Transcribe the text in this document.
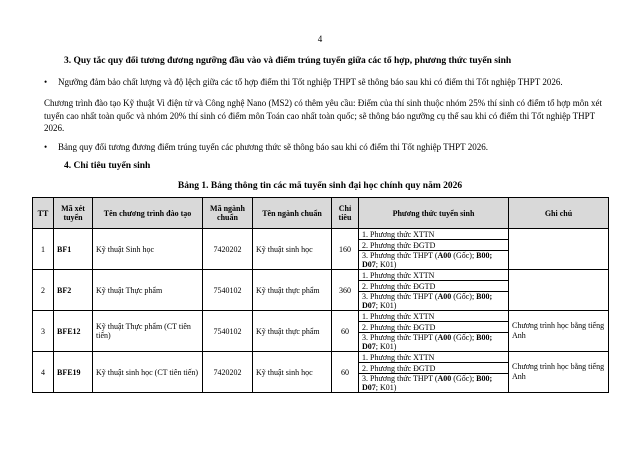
4
3. Quy tắc quy đổi tương đương ngưỡng đầu vào và điểm trúng tuyển giữa các tổ hợp, phương thức tuyển sinh
• Ngưỡng đảm bảo chất lượng và độ lệch giữa các tổ hợp điểm thi Tốt nghiệp THPT sẽ thông báo sau khi có điểm thi Tốt nghiệp THPT 2026.
Chương trình đào tạo Kỹ thuật Vi điện tử và Công nghệ Nano (MS2) có thêm yêu cầu: Điểm của thí sinh thuộc nhóm 25% thí sinh có điểm tổ hợp môn xét tuyển cao nhất toàn quốc và nhóm 20% thí sinh có điểm môn Toán cao nhất toàn quốc; sẽ thông báo ngưỡng cụ thể sau khi có điểm thi Tốt nghiệp THPT 2026.
• Bảng quy đổi tương đương điểm trúng tuyển các phương thức sẽ thông báo sau khi có điểm thi Tốt nghiệp THPT 2026.
4. Chỉ tiêu tuyển sinh
Bảng 1. Bảng thông tin các mã tuyển sinh đại học chính quy năm 2026
TT	Mã xét tuyển	Tên chương trình đào tạo	Mã ngành chuẩn	Tên ngành chuẩn	Chỉ tiêu	Phương thức tuyển sinh	Ghi chú
1	BF1	Kỹ thuật Sinh học	7420202	Kỹ thuật sinh học	160	1. Phương thức XTTN	
						2. Phương thức ĐGTD	
						3. Phương thức THPT (A00 (Gốc); B00;
D07; K01)	
2	BF2	Kỹ thuật Thực phẩm	7540102	Kỹ thuật thực phẩm	360	1. Phương thức XTTN	
						2. Phương thức ĐGTD	
						3. Phương thức THPT (A00 (Gốc); B00;
D07; K01)	
3	BFE12	Kỹ thuật Thực phẩm (CT tiên tiến)	7540102	Kỹ thuật thực phẩm	60	1. Phương thức XTTN	Chương trình học bằng tiếng Anh
						2. Phương thức ĐGTD	
						3. Phương thức THPT (A00 (Gốc); B00;
D07; K01)	
4	BFE19	Kỹ thuật sinh học (CT tiên tiến)	7420202	Kỹ thuật sinh học	60	1. Phương thức XTTN	Chương trình học bằng tiếng Anh
						2. Phương thức ĐGTD	
						3. Phương thức THPT (A00 (Gốc); B00;
D07; K01)	
